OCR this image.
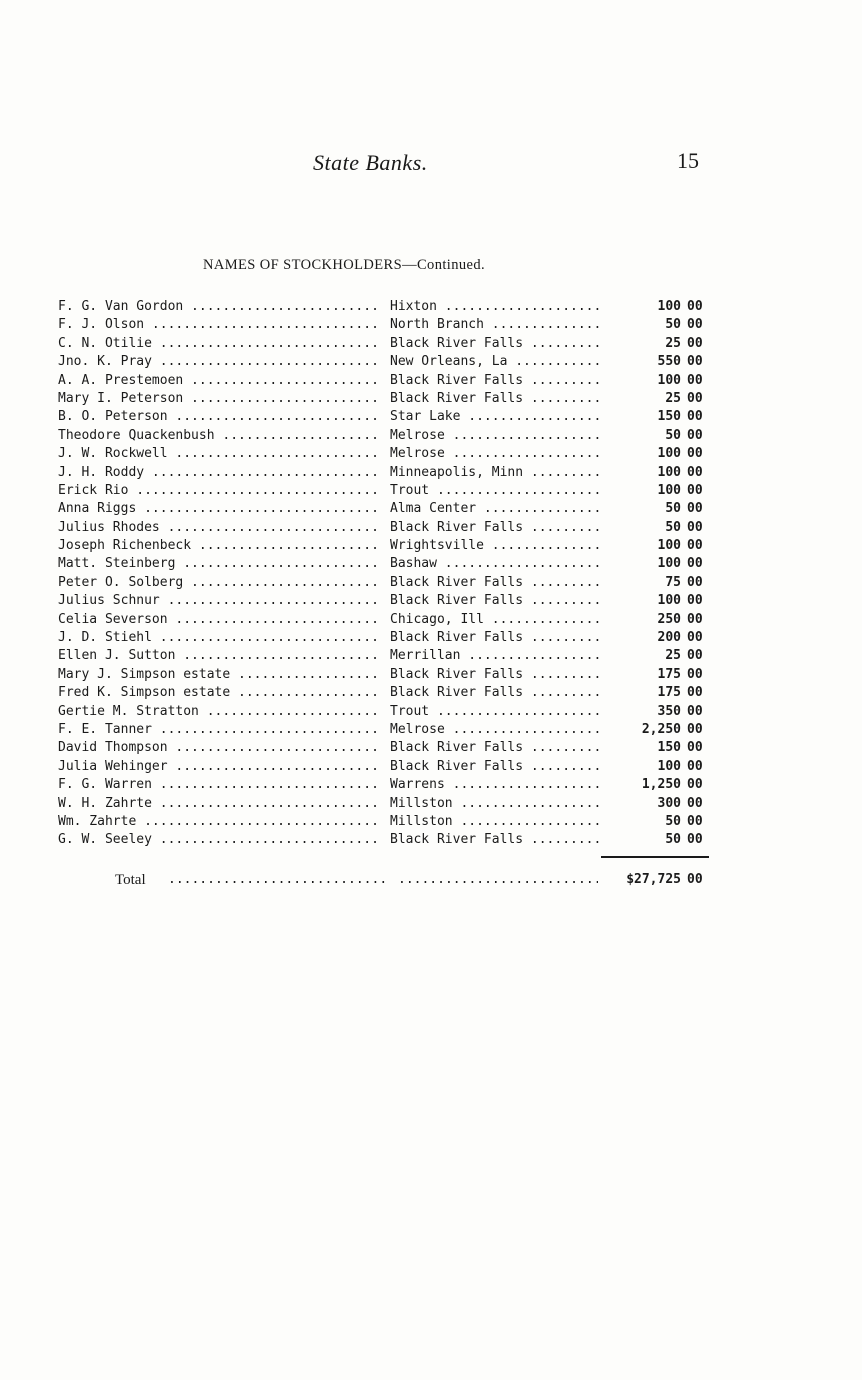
State Banks.	15
NAMES OF STOCKHOLDERS—Continued.
F. G. Van Gordon .....	Hixton .....	100 00
F. J. Olson .....	North Branch .....	50 00
C. N. Otilie .....	Black River Falls .....	25 00
Jno. K. Pray .....	New Orleans, La .....	550 00
A. A. Prestemoen .....	Black River Falls .....	100 00
Mary I. Peterson .....	Black River Falls .....	25 00
B. O. Peterson .....	Star Lake .....	150 00
Theodore Quackenbush .....	Melrose .....	50 00
J. W. Rockwell .....	Melrose .....	100 00
J. H. Roddy .....	Minneapolis, Minn .....	100 00
Erick Rio .....	Trout .....	100 00
Anna Riggs .....	Alma Center .....	50 00
Julius Rhodes .....	Black River Falls .....	50 00
Joseph Richenbeck .....	Wrightsville .....	100 00
Matt. Steinberg .....	Bashaw .....	100 00
Peter O. Solberg .....	Black River Falls .....	75 00
Julius Schnur .....	Black River Falls .....	100 00
Celia Severson .....	Chicago, Ill .....	250 00
J. D. Stiehl .....	Black River Falls .....	200 00
Ellen J. Sutton .....	Merrillan .....	25 00
Mary J. Simpson estate .....	Black River Falls .....	175 00
Fred K. Simpson estate .....	Black River Falls .....	175 00
Gertie M. Stratton .....	Trout .....	350 00
F. E. Tanner .....	Melrose .....	2,250 00
David Thompson .....	Black River Falls .....	150 00
Julia Wehinger .....	Black River Falls .....	100 00
F. G. Warren .....	Warrens .....	1,250 00
W. H. Zahrte .....	Millston .....	300 00
Wm. Zahrte .....	Millston .....	50 00
G. W. Seeley .....	Black River Falls .....	50 00
Total ..... .....	$27,725 00
